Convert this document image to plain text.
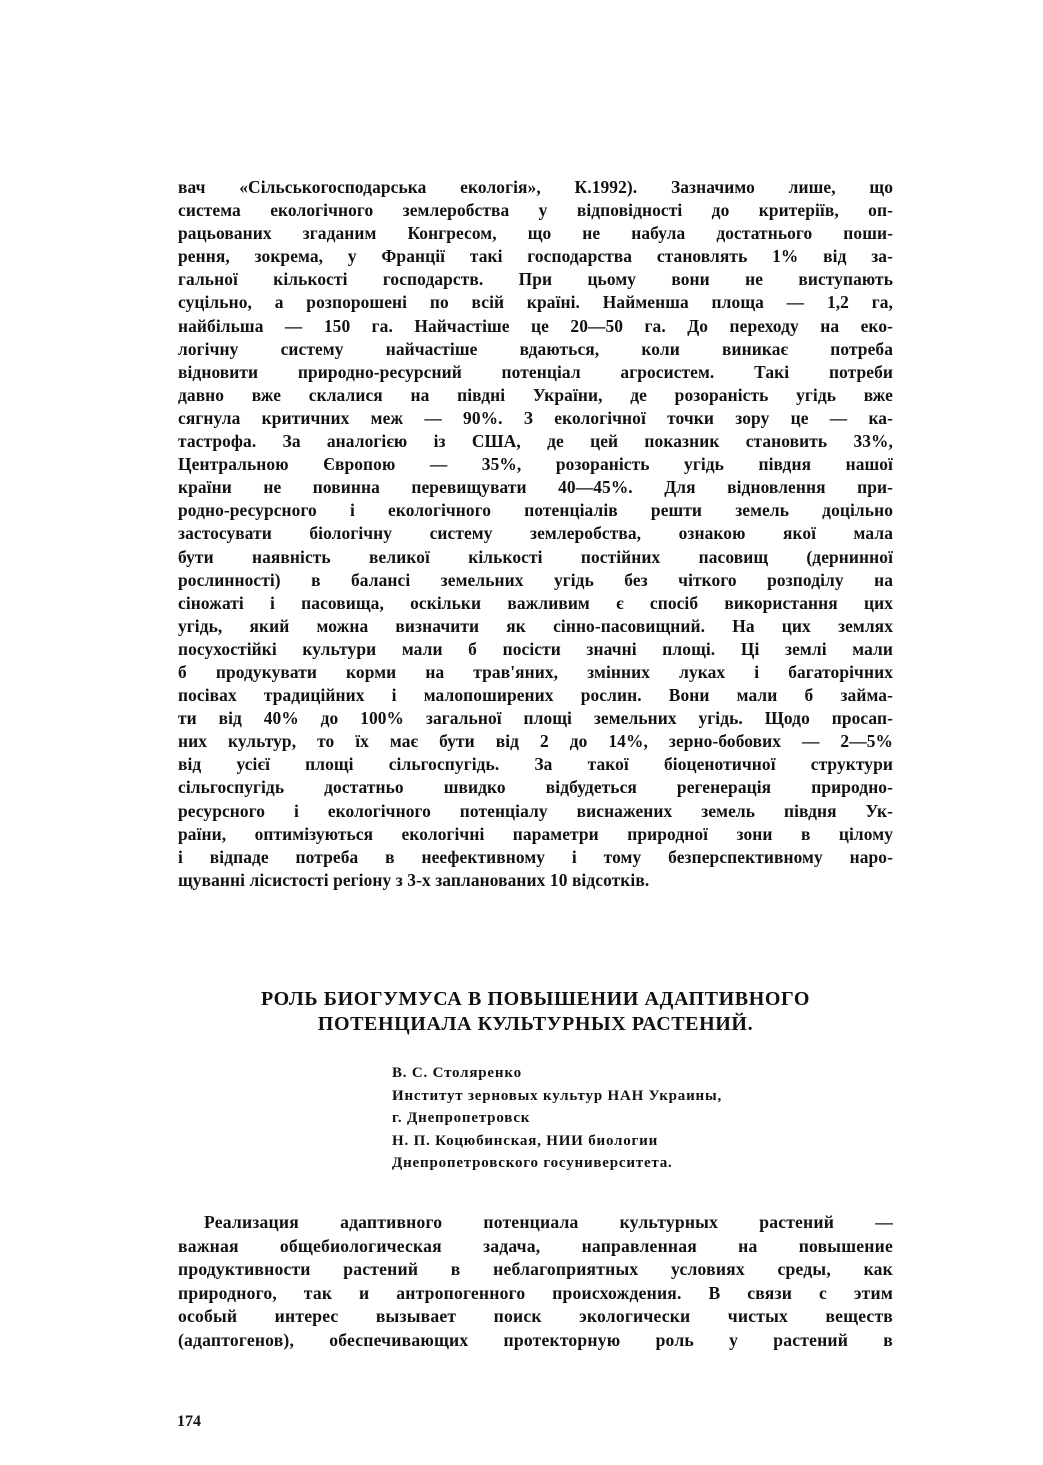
вач «Сільськогосподарська екологія», К.1992). Зазначимо лише, що
система екологічного землеробства у відповідності до критеріїв, оп-
рацьованих згаданим Конгресом, що не набула достатнього поши-
рення, зокрема, у Франції такі господарства становлять 1% від за-
гальної кількості господарств. При цьому вони не виступають
суцільно, а розпорошені по всій країні. Найменша площа — 1,2 га,
найбільша — 150 га. Найчастіше це 20—50 га. До переходу на еко-
логічну систему найчастіше вдаються, коли виникає потреба
відновити природно-ресурсний потенціал агросистем. Такі потреби
давно вже склалися на півдні України, де розораність угідь вже
сягнула критичних меж — 90%. З екологічної точки зору це — ка-
тастрофа. За аналогією із США, де цей показник становить 33%,
Центральною Європою — 35%, розораність угідь півдня нашої
країни не повинна перевищувати 40—45%. Для відновлення при-
родно-ресурсного і екологічного потенціалів решти земель доцільно
застосувати біологічну систему землеробства, ознакою якої мала
бути наявність великої кількості постійних пасовищ (дернинної
рослинності) в балансі земельних угідь без чіткого розподілу на
сіножаті і пасовища, оскільки важливим є спосіб використання цих
угідь, який можна визначити як сінно-пасовищний. На цих землях
посухостійкі культури мали б посісти значні площі. Ці землі мали
б продукувати корми на трав'яних, змінних луках і багаторічних
посівах традиційних і малопоширених рослин. Вони мали б займа-
ти від 40% до 100% загальної площі земельних угідь. Щодо просап-
них культур, то їх має бути від 2 до 14%, зерно-бобових — 2—5%
від усієї площі сільгоспугідь. За такої біоценотичної структури
сільгоспугідь достатньо швидко відбудеться регенерація природно-
ресурсного і екологічного потенціалу виснажених земель півдня Ук-
раїни, оптимізуються екологічні параметри природної зони в цілому
і відпаде потреба в неефективному і тому безперспективному наро-
щуванні лісистості регіону з 3-х запланованих 10 відсотків.
РОЛЬ БИОГУМУСА В ПОВЫШЕНИИ АДАПТИВНОГО
ПОТЕНЦИАЛА КУЛЬТУРНЫХ РАСТЕНИЙ.
В. С. Столяренко
Институт зерновых культур НАН Украины,
г. Днепропетровск
Н. П. Коцюбинская, НИИ биологии
Днепропетровского госуниверситета.
Реализация адаптивного потенциала культурных растений —
важная общебиологическая задача, направленная на повышение
продуктивности растений в неблагоприятных условиях среды, как
природного, так и антропогенного происхождения. В связи с этим
особый интерес вызывает поиск экологически чистых веществ
(адаптогенов), обеспечивающих протекторную роль у растений в
174
